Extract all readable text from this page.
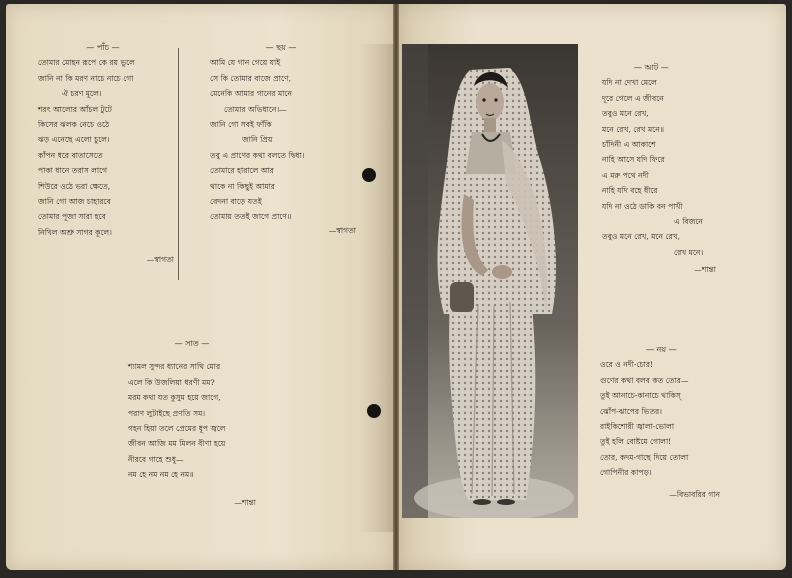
— পাঁচ —
তোমার মোহন রূপে কে রয় ভুলে
জানি না কি মরণ নাচে নাচে গো
ঐ চরণ মূলে।
শরৎ আলোর আঁচল টুটে
কিসের ঝলক নেচে ওঠে
ঝড় এনেছে এলো চুলে।
কাঁপন ধরে বাতাসেতে
পাকা ধানে তরাস লাগে
শিউরে ওঠে ভরা ক্ষেতে,
জানি গো আজ চাহারবে
তোমার পূজা সারা হবে
নিখিল অশ্রু সাগর কূলে।
—স্বাগতা
— ছয় —
আমি যে গান গেয়ে যাই
সে কি তোমার বাজে প্রাণে,
মেনেকি আমার গানের মানে
তোমার অভিধানে।—
জানি গো সবই ফাঁকি
জানি প্রিয়
তবু এ প্রাণের কথা বলতে দ্বিধা।
তোমারে হারালে আর
থাকে না কিছুই আমার
বেদনা বাড়ে যতই
তোমায় ততই জাগে প্রাণে॥
—স্বাগতা
— সাত —
শ্যামল সুন্দর ধ্যানের সাথি মোর
এলে কি উজলিয়া ধরণী মম?
মরম কথা যত কুসুম হয়ে জাগে,
পরাণ লুটাইছে প্রণতি সম।
গহন হিয়া তলে প্রেমের ধূপ জ্বলে
জীবন আজি মম মিলন বীণা হয়ে
নীরবে গাহে শুধু—
নম হে নম নম হে নম॥
—শান্তা
— আট —
যদি না দেখা মেলে
দূরে গেলে এ জীবনে
তবুও মনে রেখ,
মনে রেখ, রেখ মনে॥
চাঁদিনী এ আকাশে
নাহি আসে যদি ফিরে
এ মরু পথে নদী
নাহি যদি বহে ধীরে
যদি না ওঠে ডাকি বন পাখী
এ বিজনে
তবুও মনে রেখ, মনে রেখ,
রেখ মনে।
—শান্তা
— নয় —
ওরে ও নদী-চোর!
গুণের কথা বলব কত তোর—
তুই আনাচে-কানাচে থাকিস্
ঝোঁপ-ঝাপের ভিতর।
রাইকিশোরী জ্বালা-ভোলা
তুই হলি বোষ্টমে গোলা!
তোর, কদম-গাছে দিয়ে তোলা
গোপিনীর কাপড়।
—বিভাবরির গান
